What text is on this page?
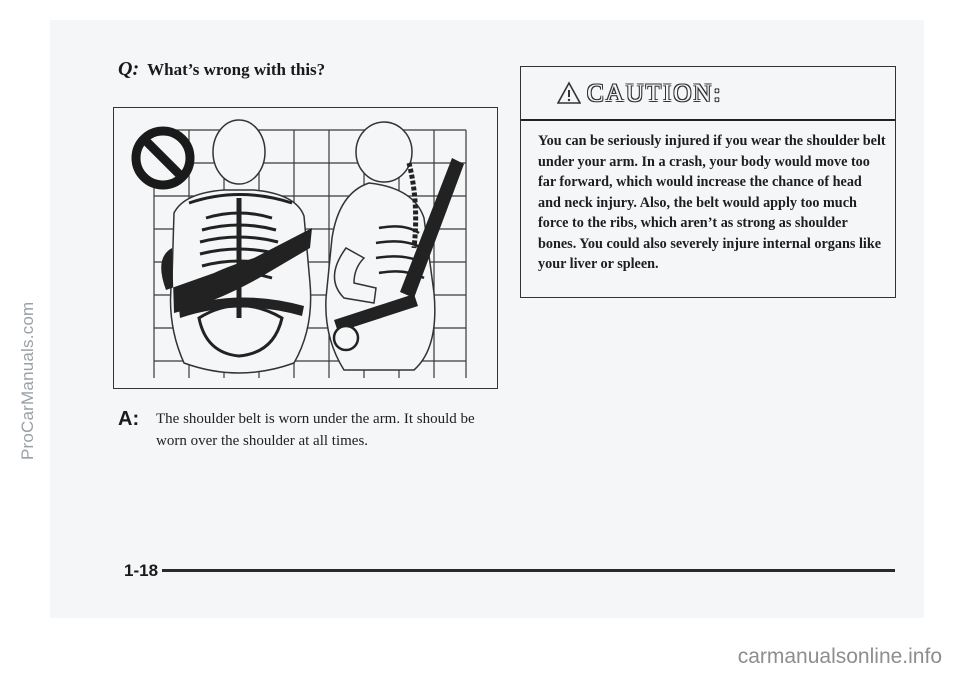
ProCarManuals.com
Q: What’s wrong with this?
A: The shoulder belt is worn under the arm. It should be worn over the shoulder at all times.
CAUTION:
You can be seriously injured if you wear the shoulder belt under your arm. In a crash, your body would move too far forward, which would increase the chance of head and neck injury. Also, the belt would apply too much force to the ribs, which aren’t as strong as shoulder bones. You could also severely injure internal organs like your liver or spleen.
1-18
carmanualsonline.info
